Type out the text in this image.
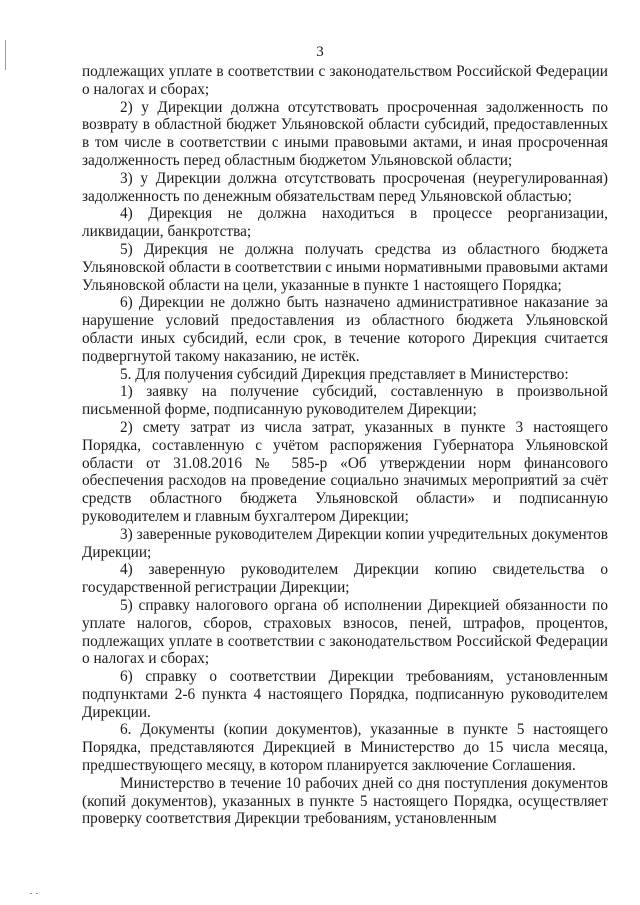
3

подлежащих уплате в соответствии с законодательством Российской Федерации о налогах и сборах;

2) у Дирекции должна отсутствовать просроченная задолженность по возврату в областной бюджет Ульяновской области субсидий, предоставленных в том числе в соответствии с иными правовыми актами, и иная просроченная задолженность перед областным бюджетом Ульяновской области;

3) у Дирекции должна отсутствовать просроченая (неурегулированная) задолженность по денежным обязательствам перед Ульяновской областью;

4) Дирекция не должна находиться в процессе реорганизации, ликвидации, банкротства;

5) Дирекция не должна получать средства из областного бюджета Ульяновской области в соответствии с иными нормативными правовыми актами Ульяновской области на цели, указанные в пункте 1 настоящего Порядка;

6) Дирекции не должно быть назначено административное наказание за нарушение условий предоставления из областного бюджета Ульяновской области иных субсидий, если срок, в течение которого Дирекция считается подвергнутой такому наказанию, не истёк.

5. Для получения субсидий Дирекция представляет в Министерство:

1) заявку на получение субсидий, составленную в произвольной письменной форме, подписанную руководителем Дирекции;

2) смету затрат из числа затрат, указанных в пункте 3 настоящего Порядка, составленную с учётом распоряжения Губернатора Ульяновской области от 31.08.2016 № 585-р «Об утверждении норм финансового обеспечения расходов на проведение социально значимых мероприятий за счёт средств областного бюджета Ульяновской области» и подписанную руководителем и главным бухгалтером Дирекции;

3) заверенные руководителем Дирекции копии учредительных документов Дирекции;

4) заверенную руководителем Дирекции копию свидетельства о государственной регистрации Дирекции;

5) справку налогового органа об исполнении Дирекцией обязанности по уплате налогов, сборов, страховых взносов, пеней, штрафов, процентов, подлежащих уплате в соответствии с законодательством Российской Федерации о налогах и сборах;

6) справку о соответствии Дирекции требованиям, установленным подпунктами 2-6 пункта 4 настоящего Порядка, подписанную руководителем Дирекции.

6. Документы (копии документов), указанные в пункте 5 настоящего Порядка, представляются Дирекцией в Министерство до 15 числа месяца, предшествующего месяцу, в котором планируется заключение Соглашения.

Министерство в течение 10 рабочих дней со дня поступления документов (копий документов), указанных в пункте 5 настоящего Порядка, осуществляет проверку соответствия Дирекции требованиям, установленным
